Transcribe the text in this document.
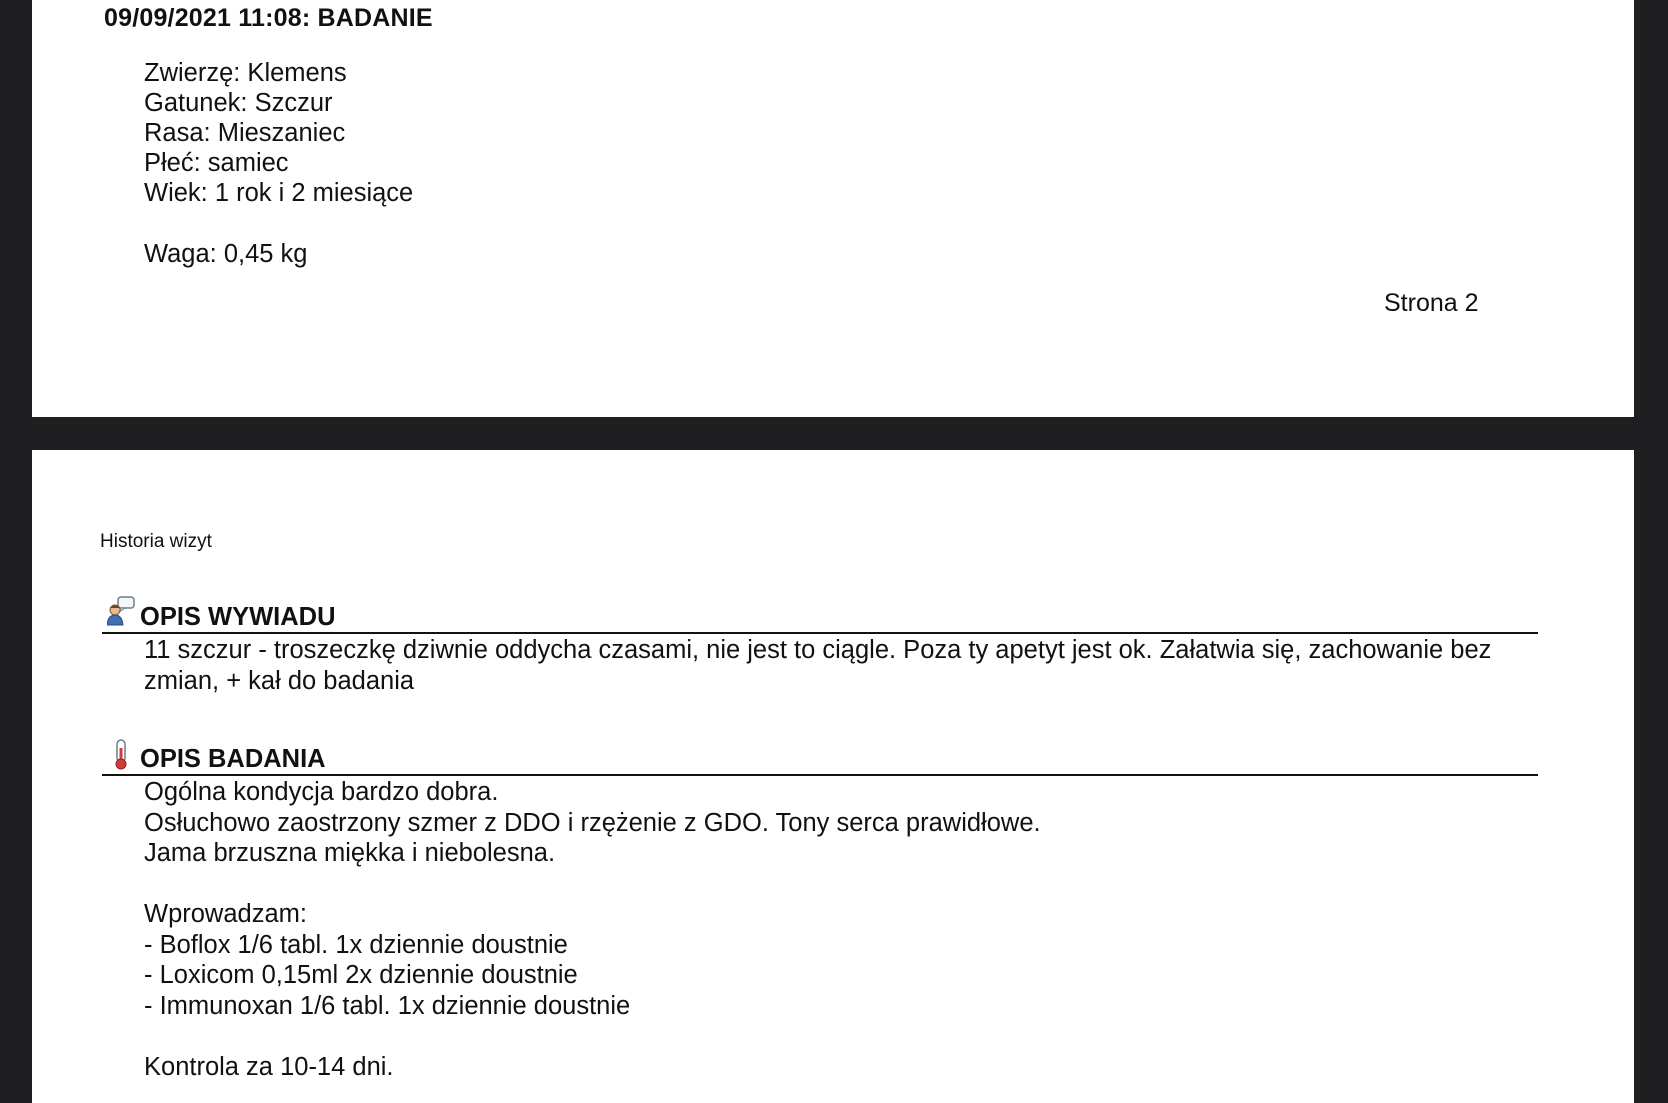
09/09/2021 11:08: BADANIE
Zwierzę: Klemens
Gatunek: Szczur
Rasa: Mieszaniec
Płeć: samiec
Wiek: 1 rok i 2 miesiące
Waga: 0,45 kg
Strona 2
Historia wizyt
OPIS WYWIADU
11 szczur - troszeczkę dziwnie oddycha czasami, nie jest to ciągle. Poza ty apetyt jest ok. Załatwia się, zachowanie bez
zmian, + kał do badania
OPIS BADANIA
Ogólna kondycja bardzo dobra.
Osłuchowo zaostrzony szmer z DDO i rzężenie z GDO. Tony serca prawidłowe.
Jama brzuszna miękka i niebolesna.
Wprowadzam:
- Boflox 1/6 tabl. 1x dziennie doustnie
- Loxicom 0,15ml 2x dziennie doustnie
- Immunoxan 1/6 tabl. 1x dziennie doustnie
Kontrola za 10-14 dni.
